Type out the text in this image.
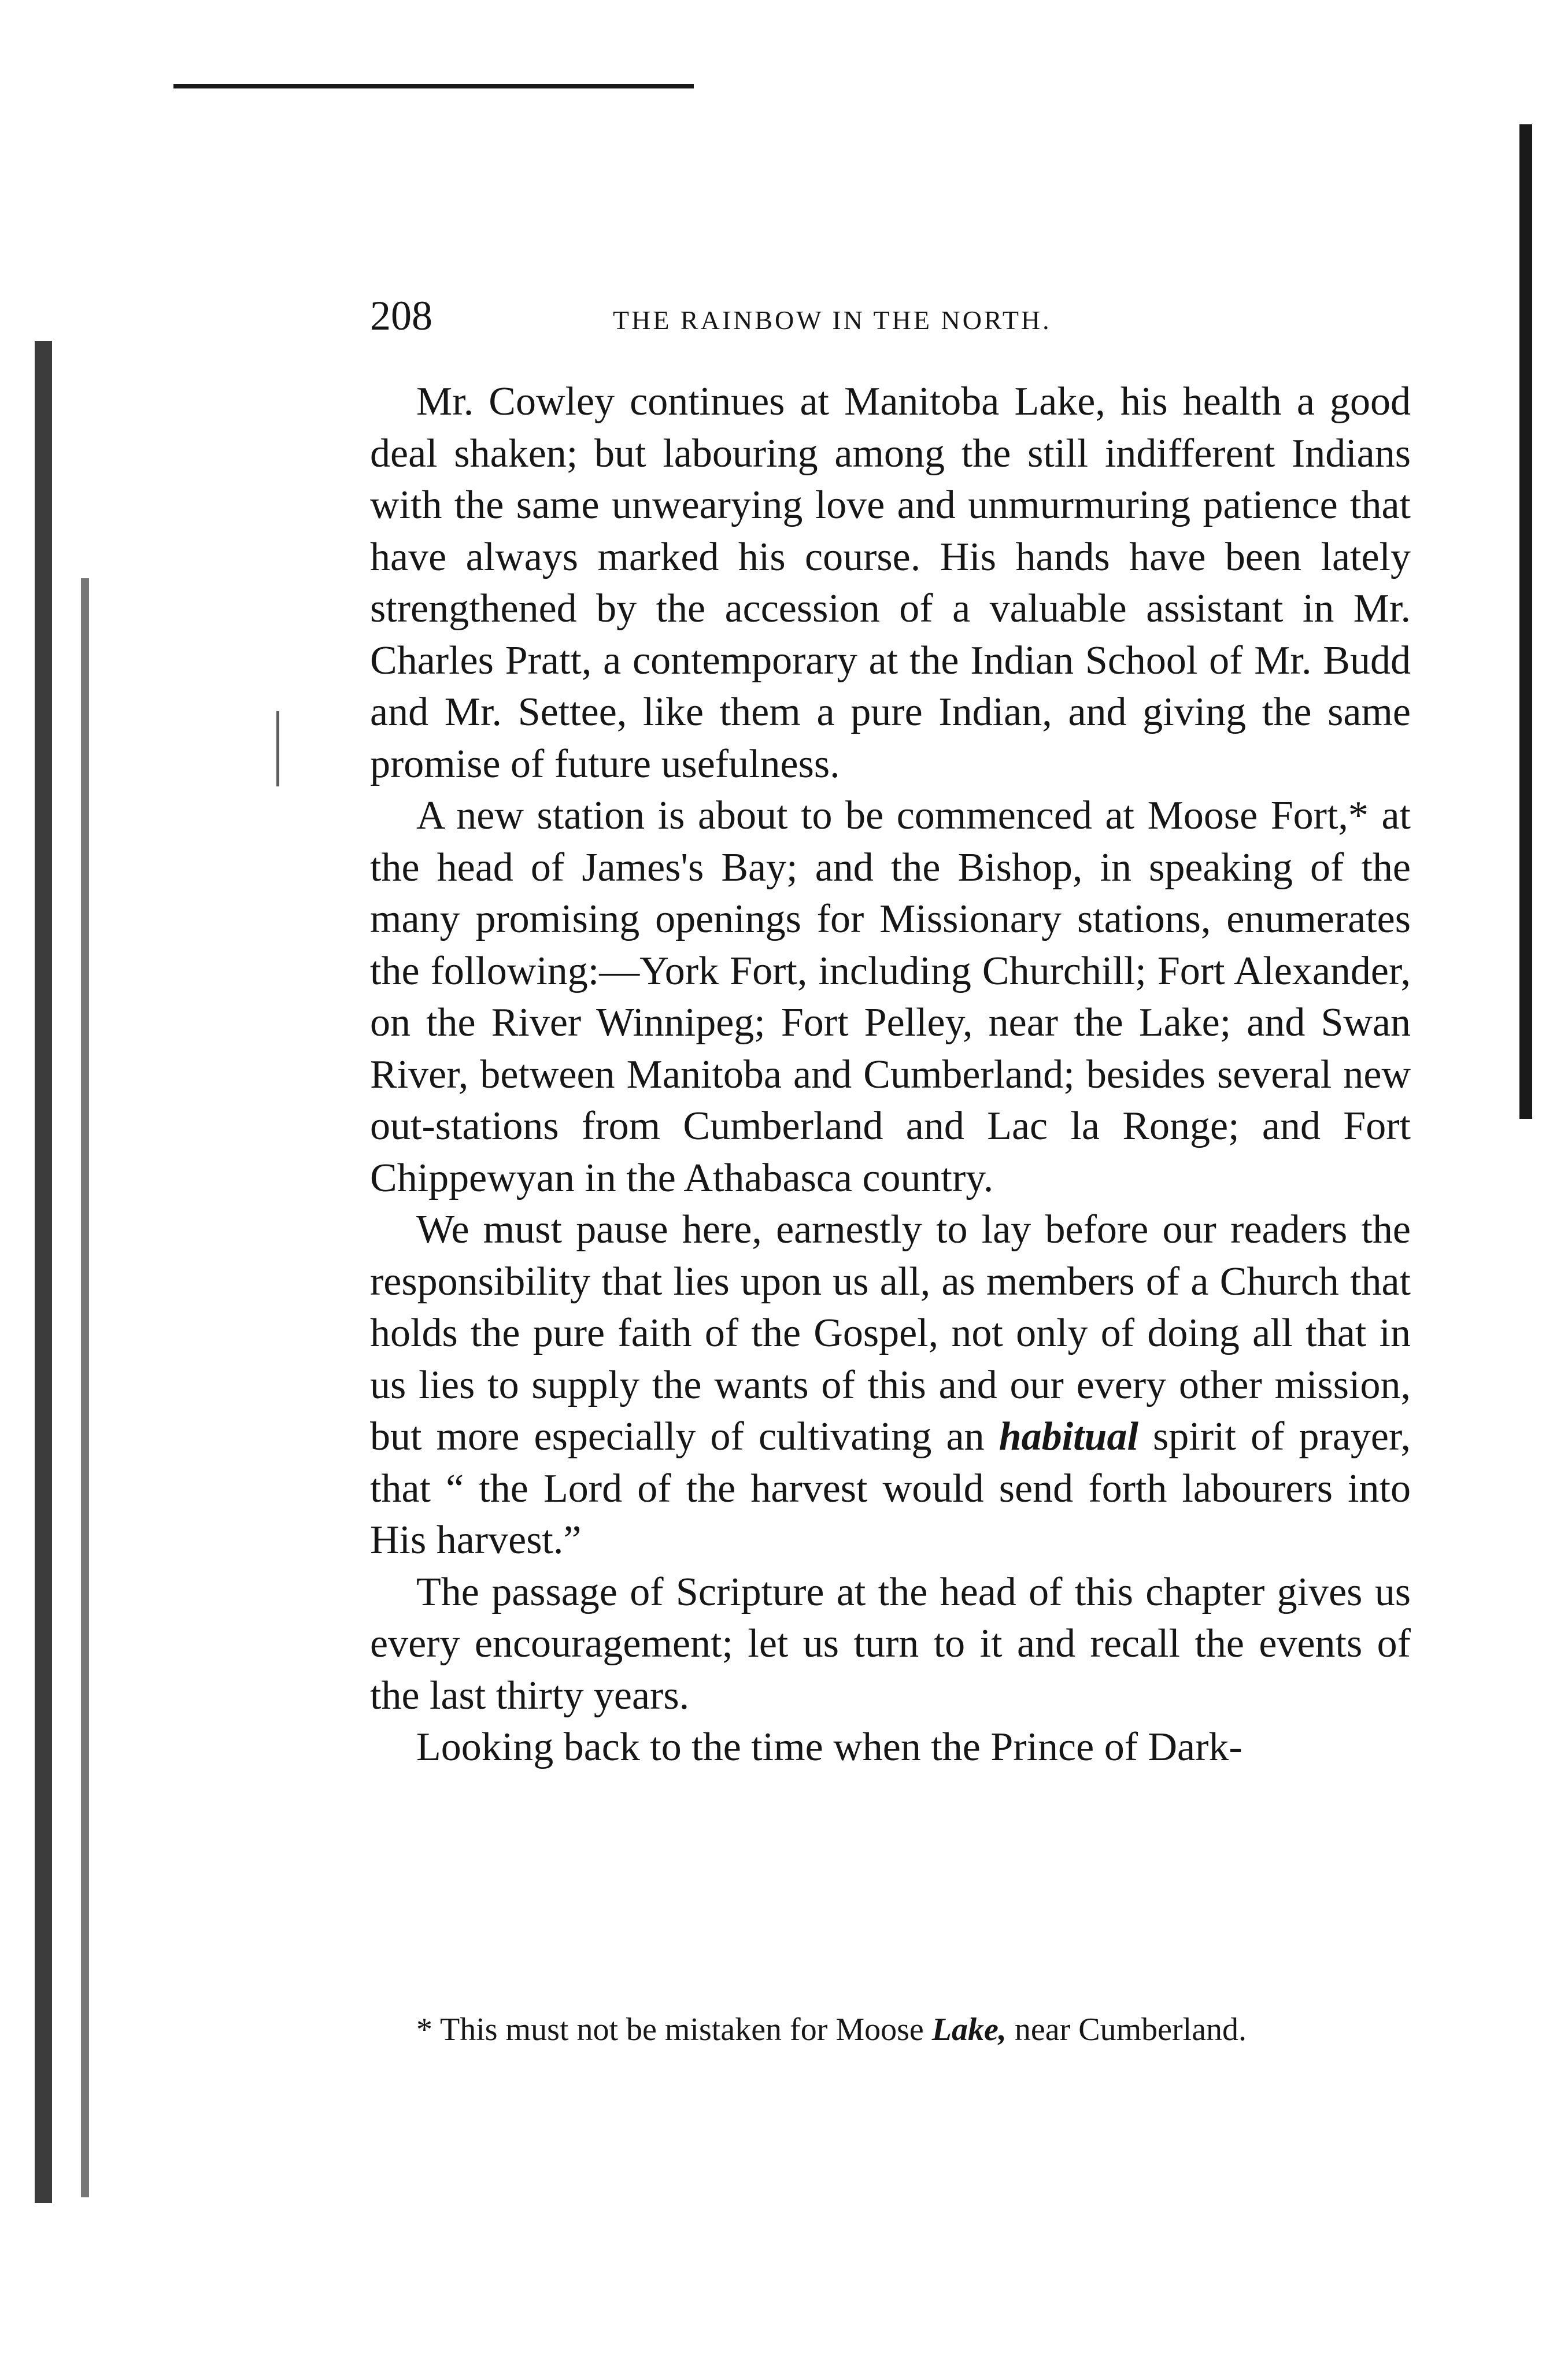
208	THE RAINBOW IN THE NORTH.

Mr. Cowley continues at Manitoba Lake, his health a good deal shaken; but labouring among the still indifferent Indians with the same unwearying love and unmurmuring patience that have always marked his course. His hands have been lately strengthened by the accession of a valuable assistant in Mr. Charles Pratt, a contemporary at the Indian School of Mr. Budd and Mr. Settee, like them a pure Indian, and giving the same promise of future usefulness.

A new station is about to be commenced at Moose Fort,* at the head of James's Bay; and the Bishop, in speaking of the many promising openings for Missionary stations, enumerates the following:—York Fort, including Churchill; Fort Alexander, on the River Winnipeg; Fort Pelley, near the Lake; and Swan River, between Manitoba and Cumberland; besides several new out-stations from Cumberland and Lac la Ronge; and Fort Chippewyan in the Athabasca country.

We must pause here, earnestly to lay before our readers the responsibility that lies upon us all, as members of a Church that holds the pure faith of the Gospel, not only of doing all that in us lies to supply the wants of this and our every other mission, but more especially of cultivating an habitual spirit of prayer, that “ the Lord of the harvest would send forth labourers into His harvest.”

The passage of Scripture at the head of this chapter gives us every encouragement; let us turn to it and recall the events of the last thirty years.

Looking back to the time when the Prince of Dark-

* This must not be mistaken for Moose Lake, near Cumberland.
